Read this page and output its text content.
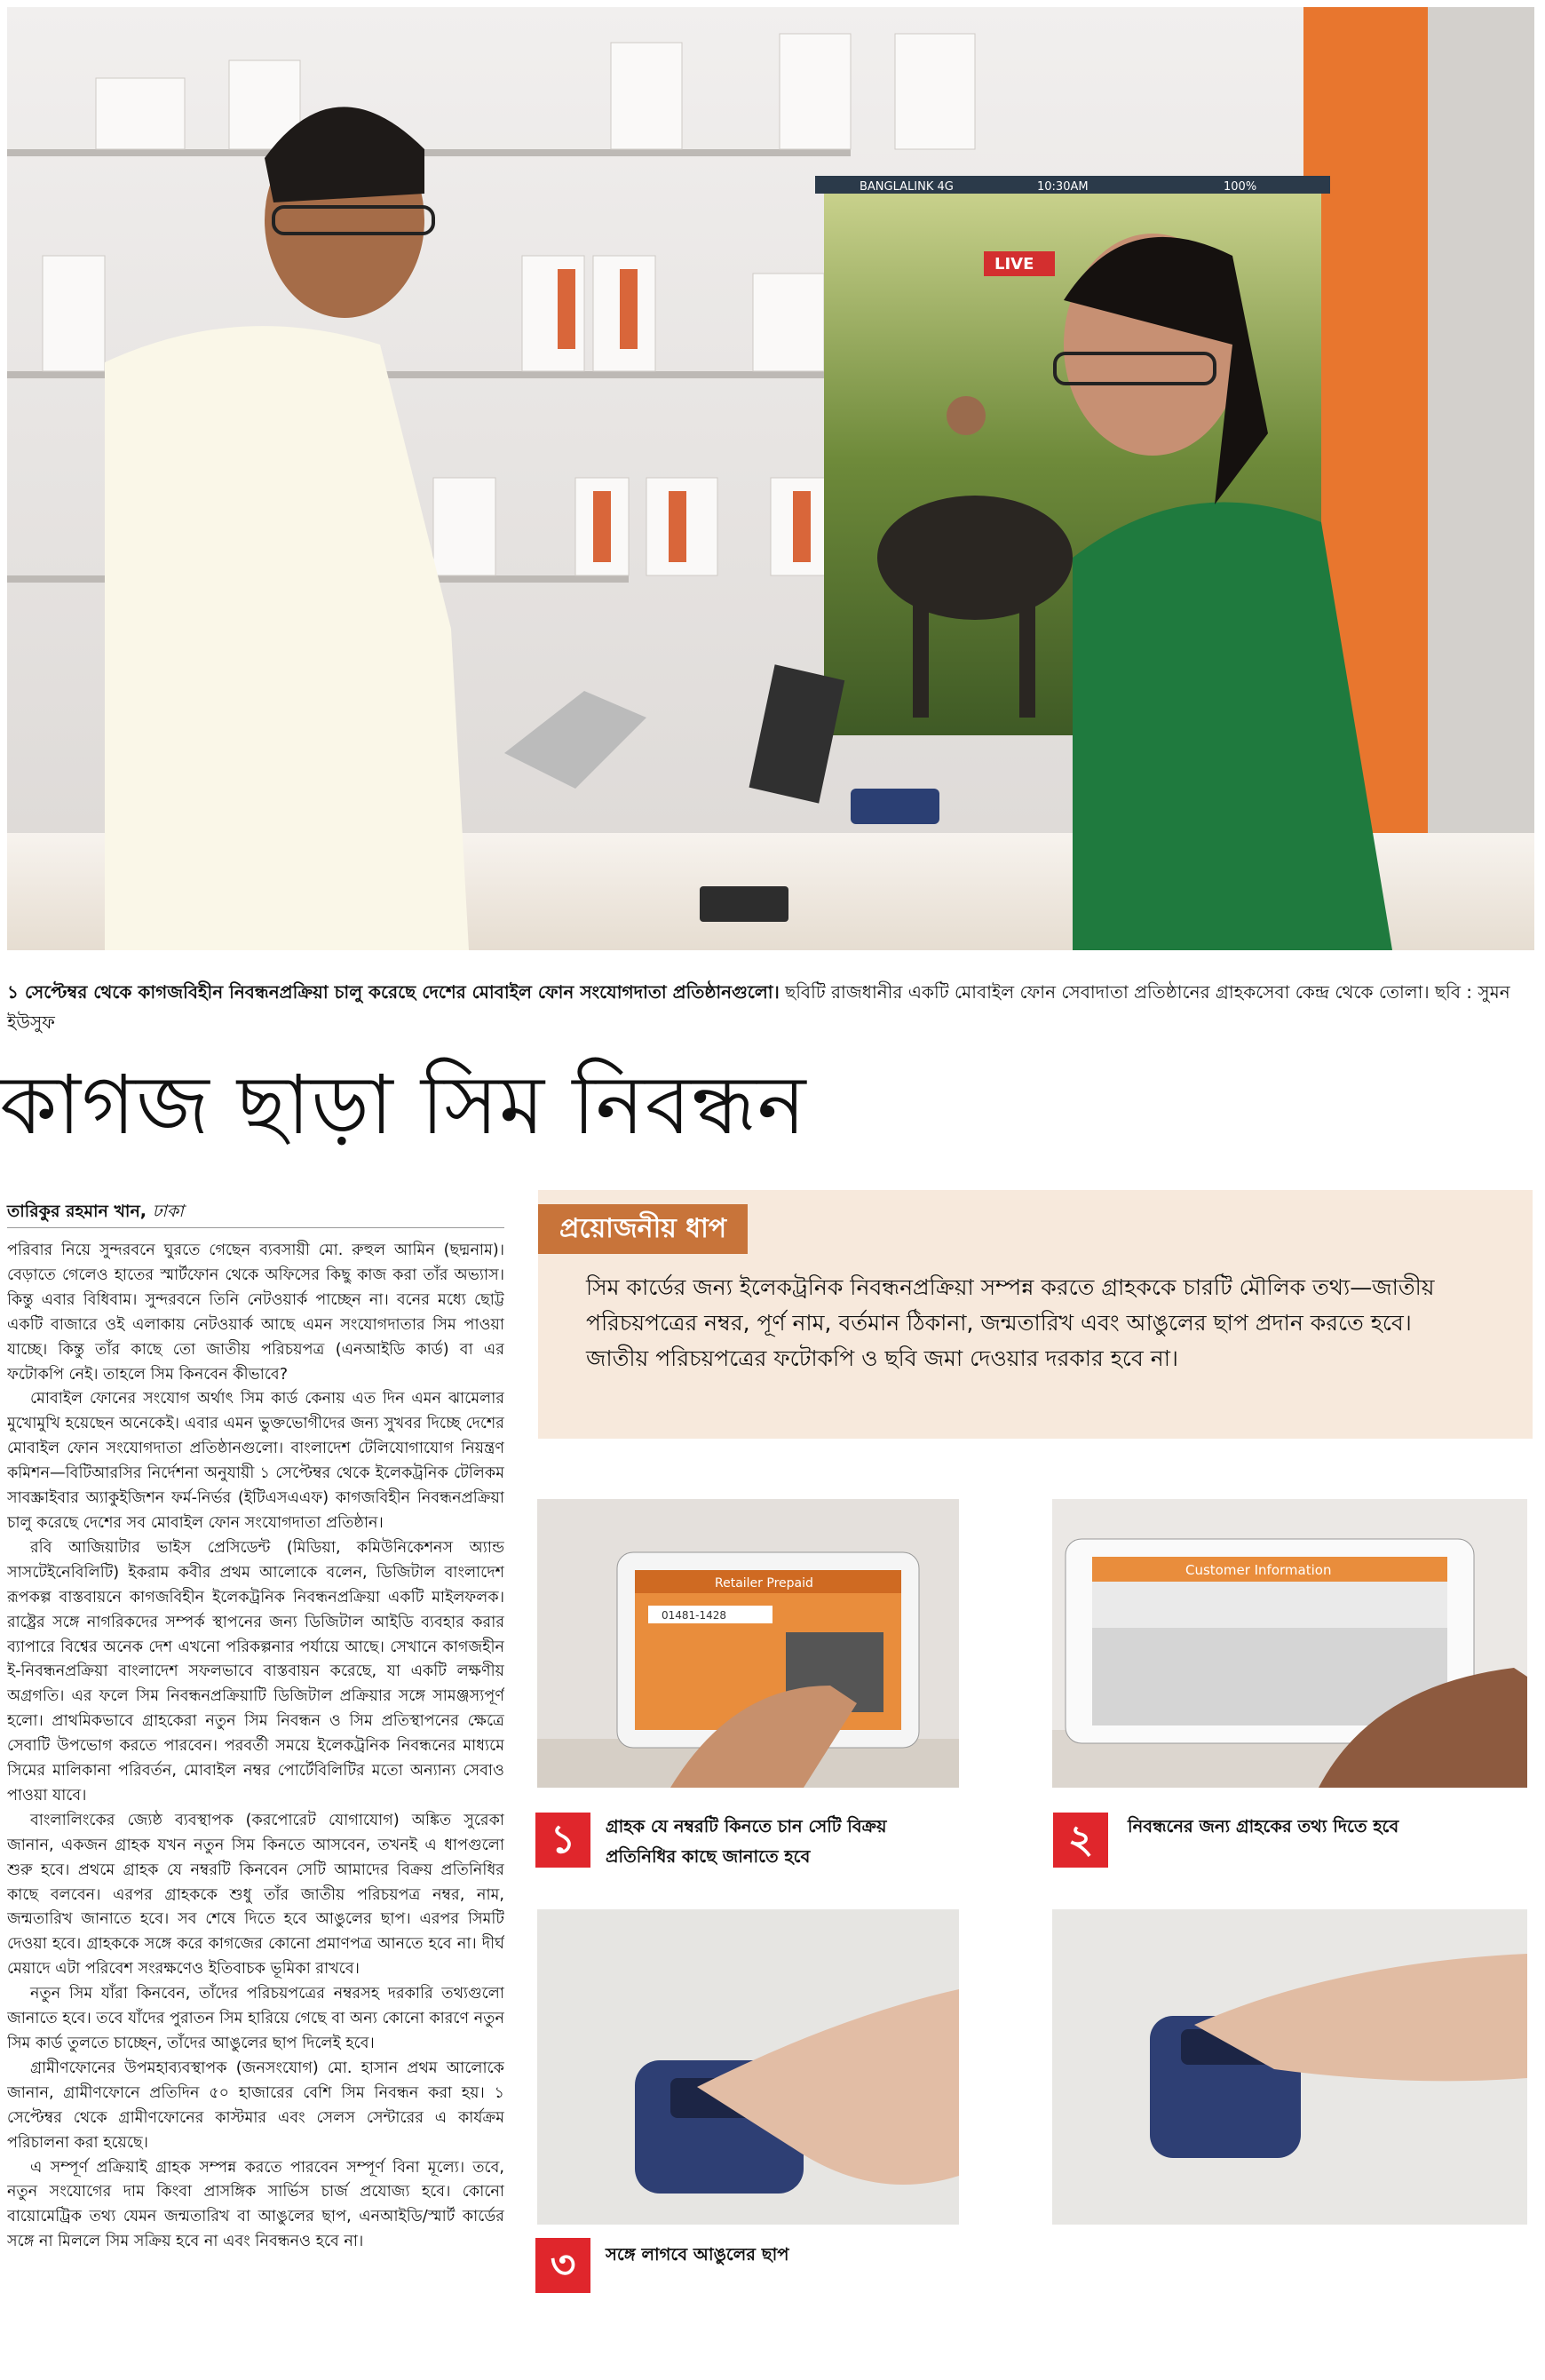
BANGLALINK 4G	10:30AM	100%
LIVE

১ সেপ্টেম্বর থেকে কাগজবিহীন নিবন্ধনপ্রক্রিয়া চালু করেছে দেশের মোবাইল ফোন সংযোগদাতা প্রতিষ্ঠানগুলো। ছবিটি রাজধানীর একটি মোবাইল ফোন সেবাদাতা প্রতিষ্ঠানের গ্রাহকসেবা কেন্দ্র থেকে তোলা। ছবি : সুমন ইউসুফ

কাগজ ছাড়া সিম নিবন্ধন
তারিকুর রহমান খান, ঢাকা

পরিবার নিয়ে সুন্দরবনে ঘুরতে গেছেন ব্যবসায়ী মো. রুহুল আমিন (ছদ্মনাম)। বেড়াতে গেলেও হাতের স্মার্টফোন থেকে অফিসের কিছু কাজ করা তাঁর অভ্যাস। কিন্তু এবার বিধিবাম। সুন্দরবনে তিনি নেটওয়ার্ক পাচ্ছেন না। বনের মধ্যে ছোট্ট একটি বাজারে ওই এলাকায় নেটওয়ার্ক আছে এমন সংযোগদাতার সিম পাওয়া যাচ্ছে। কিন্তু তাঁর কাছে তো জাতীয় পরিচয়পত্র (এনআইডি কার্ড) বা এর ফটোকপি নেই। তাহলে সিম কিনবেন কীভাবে?

মোবাইল ফোনের সংযোগ অর্থাৎ সিম কার্ড কেনায় এত দিন এমন ঝামেলার মুখোমুখি হয়েছেন অনেকেই। এবার এমন ভুক্তভোগীদের জন্য সুখবর দিচ্ছে দেশের মোবাইল ফোন সংযোগদাতা প্রতিষ্ঠানগুলো। বাংলাদেশ টেলিযোগাযোগ নিয়ন্ত্রণ কমিশন—বিটিআরসির নির্দেশনা অনুযায়ী ১ সেপ্টেম্বর থেকে ইলেকট্রনিক টেলিকম সাবস্ক্রাইবার অ্যাকুইজিশন ফর্ম-নির্ভর (ইটিএসএএফ) কাগজবিহীন নিবন্ধনপ্রক্রিয়া চালু করেছে দেশের সব মোবাইল ফোন সংযোগদাতা প্রতিষ্ঠান।

রবি আজিয়াটার ভাইস প্রেসিডেন্ট (মিডিয়া, কমিউনিকেশনস অ্যান্ড সাসটেইনেবিলিটি) ইকরাম কবীর প্রথম আলোকে বলেন, ডিজিটাল বাংলাদেশ রূপকল্প বাস্তবায়নে কাগজবিহীন ইলেকট্রনিক নিবন্ধনপ্রক্রিয়া একটি মাইলফলক। রাষ্ট্রের সঙ্গে নাগরিকদের সম্পর্ক স্থাপনের জন্য ডিজিটাল আইডি ব্যবহার করার ব্যাপারে বিশ্বের অনেক দেশ এখনো পরিকল্পনার পর্যায়ে আছে। সেখানে কাগজহীন ই-নিবন্ধনপ্রক্রিয়া বাংলাদেশ সফলভাবে বাস্তবায়ন করেছে, যা একটি লক্ষণীয় অগ্রগতি। এর ফলে সিম নিবন্ধনপ্রক্রিয়াটি ডিজিটাল প্রক্রিয়ার সঙ্গে সামঞ্জস্যপূর্ণ হলো। প্রাথমিকভাবে গ্রাহকেরা নতুন সিম নিবন্ধন ও সিম প্রতিস্থাপনের ক্ষেত্রে সেবাটি উপভোগ করতে পারবেন। পরবর্তী সময়ে ইলেকট্রনিক নিবন্ধনের মাধ্যমে সিমের মালিকানা পরিবর্তন, মোবাইল নম্বর পোর্টেবিলিটির মতো অন্যান্য সেবাও পাওয়া যাবে।

বাংলালিংকের জ্যেষ্ঠ ব্যবস্থাপক (করপোরেট যোগাযোগ) অঙ্কিত সুরেকা জানান, একজন গ্রাহক যখন নতুন সিম কিনতে আসবেন, তখনই এ ধাপগুলো শুরু হবে। প্রথমে গ্রাহক যে নম্বরটি কিনবেন সেটি আমাদের বিক্রয় প্রতিনিধির কাছে বলবেন। এরপর গ্রাহককে শুধু তাঁর জাতীয় পরিচয়পত্র নম্বর, নাম, জন্মতারিখ জানাতে হবে। সব শেষে দিতে হবে আঙুলের ছাপ। এরপর সিমটি দেওয়া হবে। গ্রাহককে সঙ্গে করে কাগজের কোনো প্রমাণপত্র আনতে হবে না। দীর্ঘ মেয়াদে এটা পরিবেশ সংরক্ষণেও ইতিবাচক ভূমিকা রাখবে।

নতুন সিম যাঁরা কিনবেন, তাঁদের পরিচয়পত্রের নম্বরসহ দরকারি তথ্যগুলো জানাতে হবে। তবে যাঁদের পুরাতন সিম হারিয়ে গেছে বা অন্য কোনো কারণে নতুন সিম কার্ড তুলতে চাচ্ছেন, তাঁদের আঙুলের ছাপ দিলেই হবে।

গ্রামীণফোনের উপমহাব্যবস্থাপক (জনসংযোগ) মো. হাসান প্রথম আলোকে জানান, গ্রামীণফোনে প্রতিদিন ৫০ হাজারের বেশি সিম নিবন্ধন করা হয়। ১ সেপ্টেম্বর থেকে গ্রামীণফোনের কাস্টমার এবং সেলস সেন্টারের এ কার্যক্রম পরিচালনা করা হয়েছে।

এ সম্পূর্ণ প্রক্রিয়াই গ্রাহক সম্পন্ন করতে পারবেন সম্পূর্ণ বিনা মূল্যে। তবে, নতুন সংযোগের দাম কিংবা প্রাসঙ্গিক সার্ভিস চার্জ প্রযোজ্য হবে। কোনো বায়োমেট্রিক তথ্য যেমন জন্মতারিখ বা আঙুলের ছাপ, এনআইডি/স্মার্ট কার্ডের সঙ্গে না মিললে সিম সক্রিয় হবে না এবং নিবন্ধনও হবে না।

প্রয়োজনীয় ধাপ

সিম কার্ডের জন্য ইলেকট্রনিক নিবন্ধনপ্রক্রিয়া সম্পন্ন করতে গ্রাহককে চারটি মৌলিক তথ্য—জাতীয় পরিচয়পত্রের নম্বর, পূর্ণ নাম, বর্তমান ঠিকানা, জন্মতারিখ এবং আঙুলের ছাপ প্রদান করতে হবে।

জাতীয় পরিচয়পত্রের ফটোকপি ও ছবি জমা দেওয়ার দরকার হবে না।

Retailer Prepaid
01481-1428
Customer Information
১	গ্রাহক যে নম্বরটি কিনতে চান সেটি বিক্রয় প্রতিনিধির কাছে জানাতে হবে	২	নিবন্ধনের জন্য গ্রাহকের তথ্য দিতে হবে
৩	সঙ্গে লাগবে আঙুলের ছাপ
